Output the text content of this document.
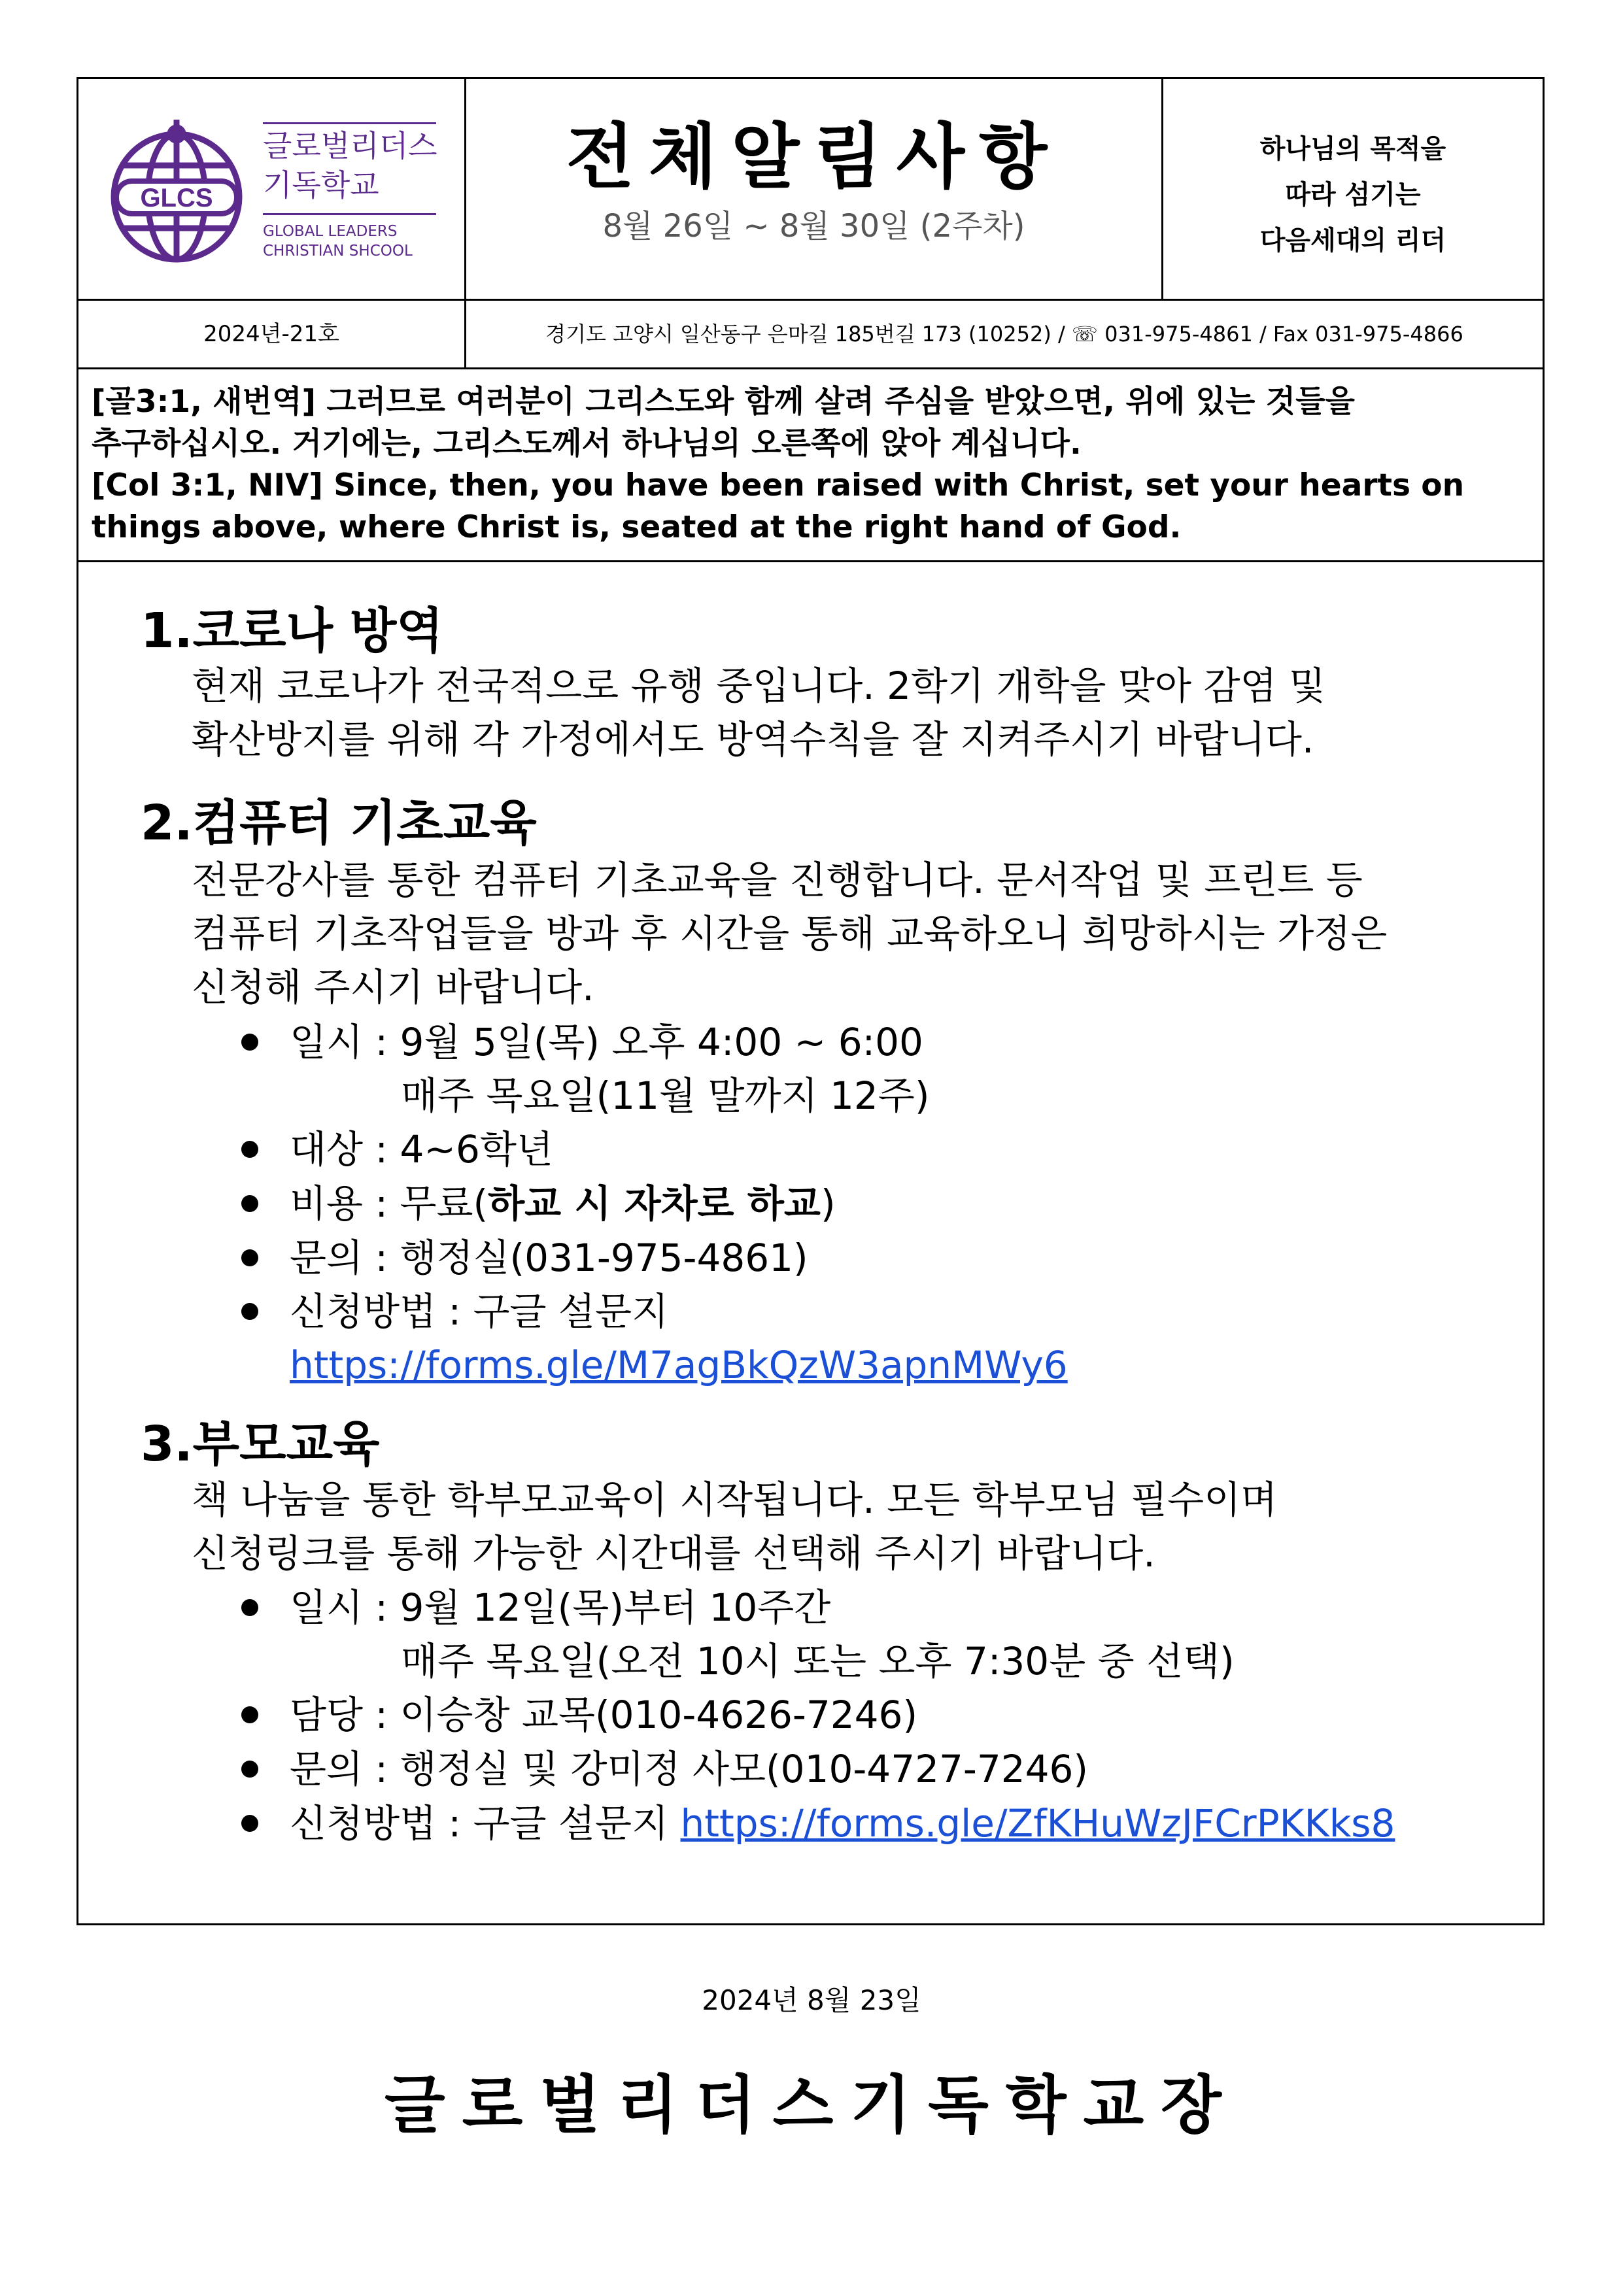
GLCS
글로벌리더스
기독학교
GLOBAL LEADERS
CHRISTIAN SHCOOL
전체알림사항
8월 26일 ~ 8월 30일 (2주차)
하나님의 목적을
따라 섬기는
다음세대의 리더
2024년-21호	경기도 고양시 일산동구 은마길 185번길 173 (10252) / ☏ 031-975-4861 / Fax 031-975-4866
[골3:1, 새번역] 그러므로 여러분이 그리스도와 함께 살려 주심을 받았으면, 위에 있는 것들을
추구하십시오. 거기에는, 그리스도께서 하나님의 오른쪽에 앉아 계십니다.
[Col 3:1, NIV] Since, then, you have been raised with Christ, set your hearts on
things above, where Christ is, seated at the right hand of God.
1.코로나 방역
현재 코로나가 전국적으로 유행 중입니다. 2학기 개학을 맞아 감염 및
확산방지를 위해 각 가정에서도 방역수칙을 잘 지켜주시기 바랍니다.
2.컴퓨터 기초교육
전문강사를 통한 컴퓨터 기초교육을 진행합니다. 문서작업 및 프린트 등
컴퓨터 기초작업들을 방과 후 시간을 통해 교육하오니 희망하시는 가정은
신청해 주시기 바랍니다.
일시 : 9월 5일(목) 오후 4:00 ~ 6:00
매주 목요일(11월 말까지 12주)
대상 : 4~6학년
비용 : 무료(하교 시 자차로 하교)
문의 : 행정실(031-975-4861)
신청방법 : 구글 설문지
https://forms.gle/M7agBkQzW3apnMWy6
3.부모교육
책 나눔을 통한 학부모교육이 시작됩니다. 모든 학부모님 필수이며
신청링크를 통해 가능한 시간대를 선택해 주시기 바랍니다.
일시 : 9월 12일(목)부터 10주간
매주 목요일(오전 10시 또는 오후 7:30분 중 선택)
담당 : 이승창 교목(010-4626-7246)
문의 : 행정실 및 강미정 사모(010-4727-7246)
신청방법 : 구글 설문지 https://forms.gle/ZfKHuWzJFCrPKKks8
2024년 8월 23일
글로벌리더스기독학교장
